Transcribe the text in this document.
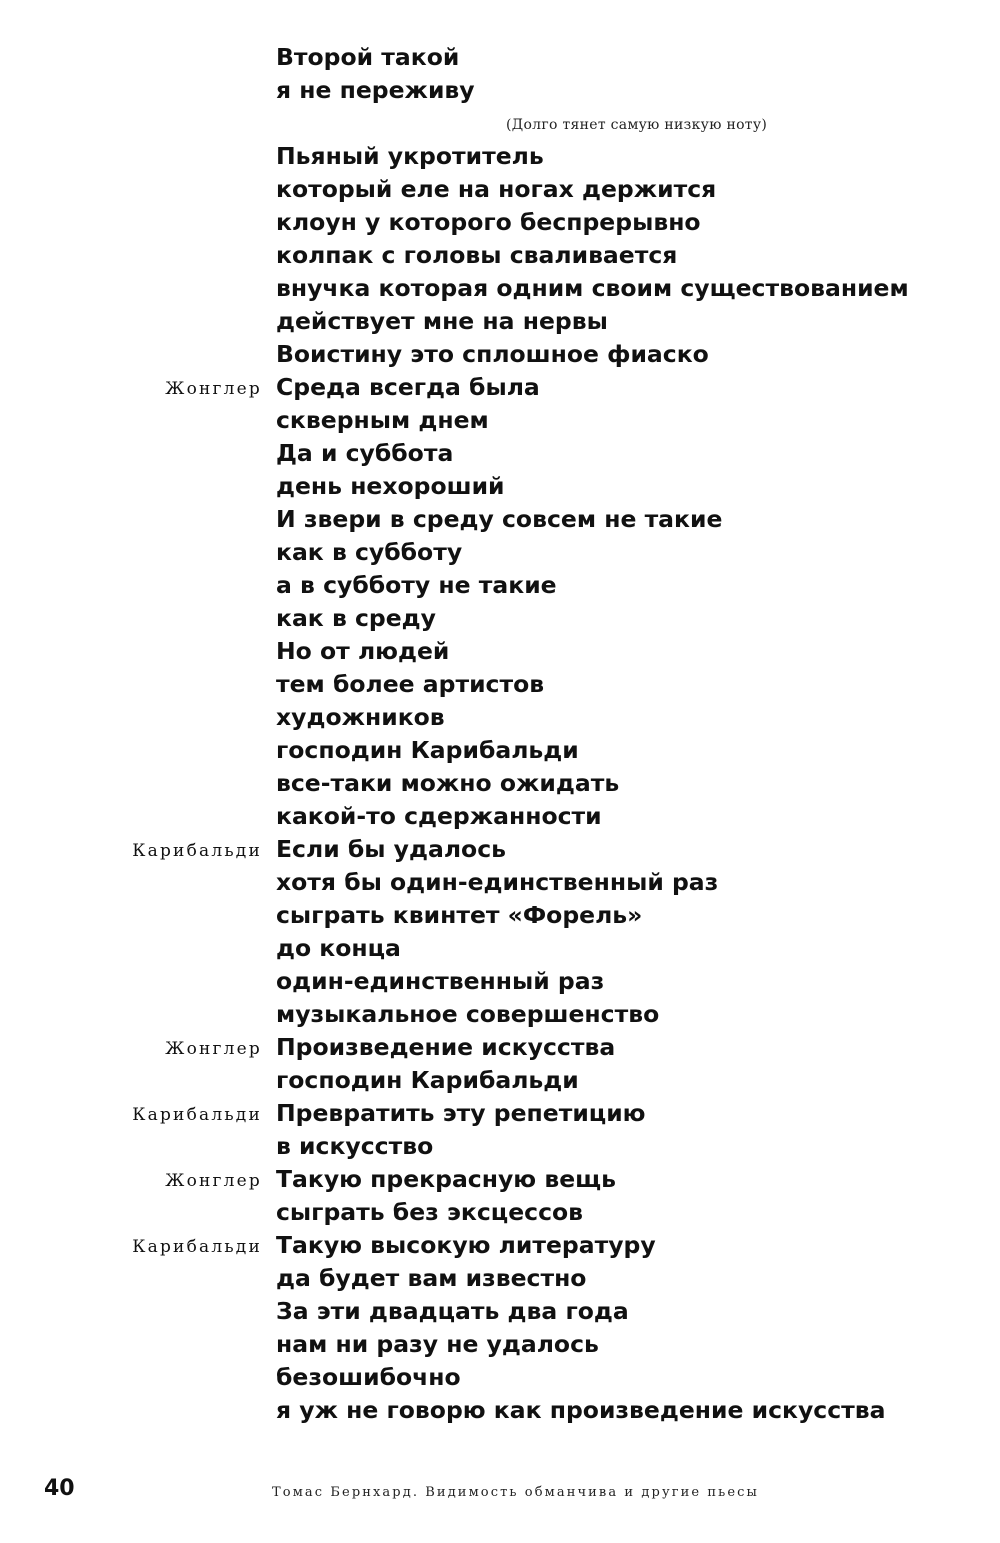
Второй такой
я не переживу
Пьяный укротитель
который еле на ногах держится
клоун у которого беспрерывно
колпак с головы сваливается
внучка которая одним своим существованием
действует мне на нервы
Воистину это сплошное фиаско
Жонглер Среда всегда была
скверным днем
Да и суббота
день нехороший
И звери в среду совсем не такие
как в субботу
а в субботу не такие
как в среду
Но от людей
тем более артистов
художников
господин Карибальди
все-таки можно ожидать
какой-то сдержанности
Карибальди Если бы удалось
хотя бы один-единственный раз
сыграть квинтет «Форель»
до конца
один-единственный раз
музыкальное совершенство
Жонглер Произведение искусства
господин Карибальди
Карибальди Превратить эту репетицию
в искусство
Жонглер Такую прекрасную вещь
сыграть без эксцессов
Карибальди Такую высокую литературу
да будет вам известно
За эти двадцать два года
нам ни разу не удалось
безошибочно
я уж не говорю как произведение искусства
(Долго тянет самую низкую ноту)
40	Томас Бернхард. Видимость обманчива и другие пьесы
